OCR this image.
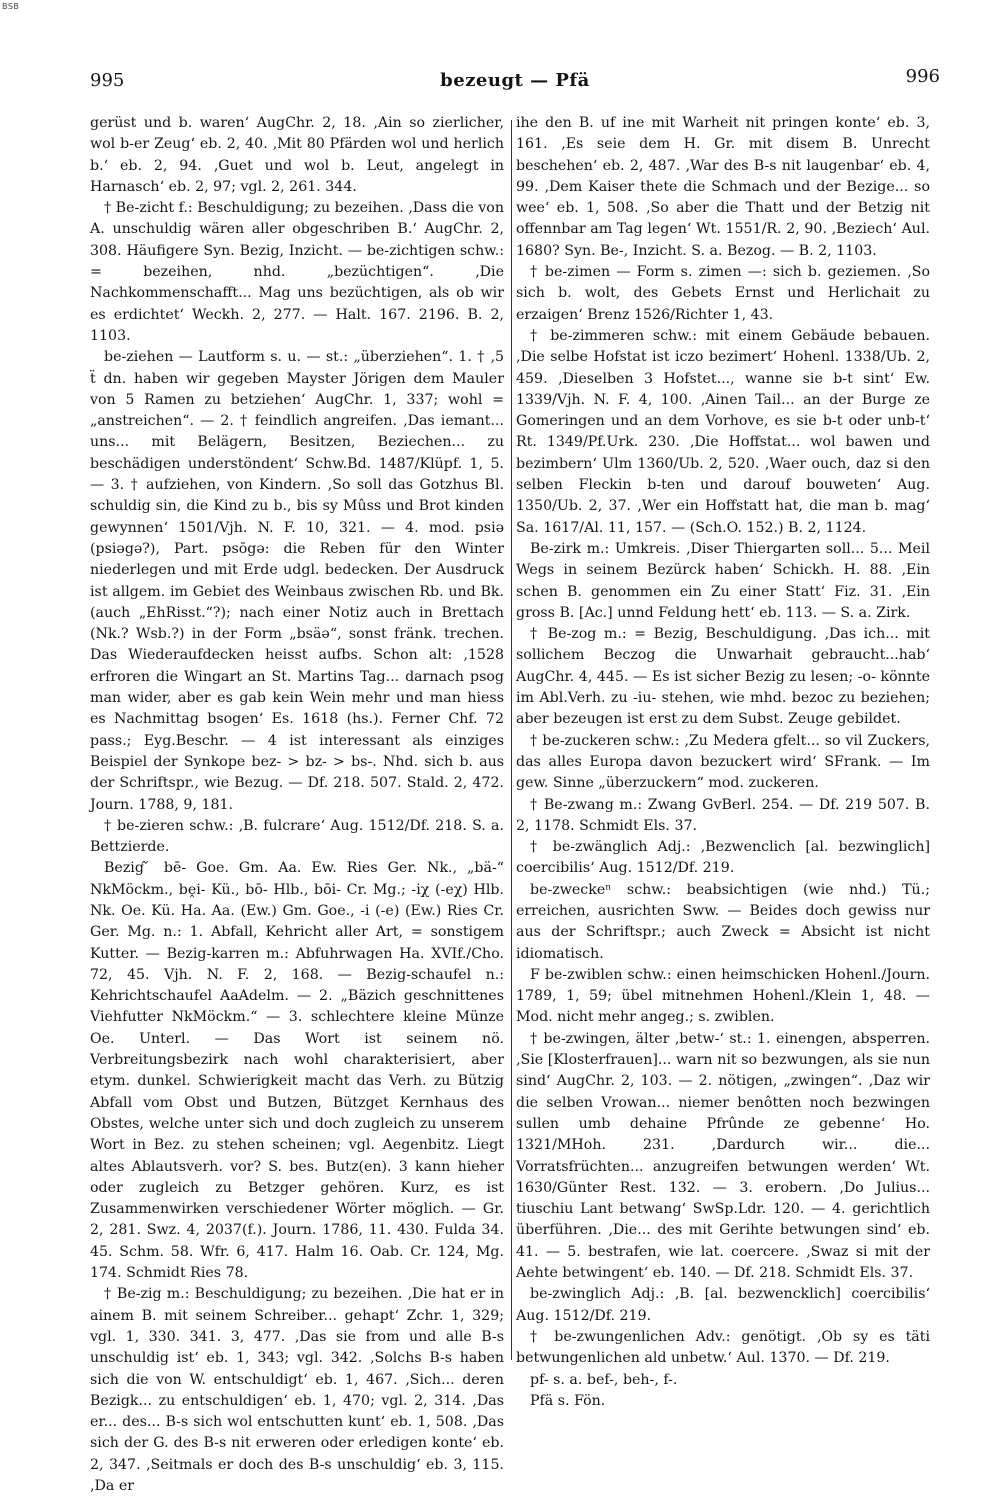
BSB
995	bezeugt — Pfä	996

gerüst und b. waren‘ AugChr. 2, 18. ‚Ain so zierlicher, wol b-er Zeug‘ eb. 2, 40. ‚Mit 80 Pfärden wol und herlich b.‘ eb. 2, 94. ‚Guet und wol b. Leut, angelegt in Harnasch‘ eb. 2, 97; vgl. 2, 261. 344.

† Be-zicht f.: Beschuldigung; zu bezeihen. ‚Dass die von A. unschuldig wären aller obgeschriben B.‘ AugChr. 2, 308. Häufigere Syn. Bezig, Inzicht. — be-zichtigen schw.: = bezeihen, nhd. „bezüchtigen“. ‚Die Nachkommenschafft... Mag uns bezüchtigen, als ob wir es erdichtet‘ Weckh. 2, 277. — Halt. 167. 2196. B. 2, 1103.

be-ziehen — Lautform s. u. — st.: „überziehen“. 1. † ‚5 ẗ dn. haben wir gegeben Mayster Jörigen dem Mauler von 5 Ramen zu betziehen‘ AugChr. 1, 337; wohl = „anstreichen“. — 2. † feindlich angreifen. ‚Das iemant... uns... mit Belägern, Besitzen, Beziechen... zu beschädigen understöndent‘ Schw.Bd. 1487/Klüpf. 1, 5. — 3. † aufziehen, von Kindern. ‚So soll das Gotzhus Bl. schuldig sin, die Kind zu b., bis sy Mûss und Brot kinden gewynnen‘ 1501/Vjh. N. F. 10, 321. — 4. mod. psiə (psiəgə?), Part. psōgə: die Reben für den Winter niederlegen und mit Erde udgl. bedecken. Der Ausdruck ist allgem. im Gebiet des Weinbaus zwischen Rb. und Bk. (auch „EhRisst.“?); nach einer Notiz auch in Brettach (Nk.? Wsb.?) in der Form „bsäə“, sonst fränk. trechen. Das Wiederaufdecken heisst aufbs. Schon alt: ‚1528 erfroren die Wingart an St. Martins Tag... darnach psog man wider, aber es gab kein Wein mehr und man hiess es Nachmittag bsogen‘ Es. 1618 (hs.). Ferner Chf. 72 pass.; Eyg.Beschr. — 4 ist interessant als einziges Beispiel der Synkope bez- > bz- > bs-. Nhd. sich b. aus der Schriftspr., wie Bezug. — Df. 218. 507. Stald. 2, 472. Journ. 1788, 9, 181.

† be-zieren schw.: ‚B. fulcrare‘ Aug. 1512/Df. 218. S. a. Bettzierde.

Bezig ᷉ bē- Goe. Gm. Aa. Ew. Ries Ger. Nk., „bä-“ NkMöckm., bḙi- Kü., bō- Hlb., bōi- Cr. Mg.; -iχ (-eχ) Hlb. Nk. Oe. Kü. Ha. Aa. (Ew.) Gm. Goe., -i (-e) (Ew.) Ries Cr. Ger. Mg. n.: 1. Abfall, Kehricht aller Art, = sonstigem Kutter. — Bezig-karren m.: Abfuhrwagen Ha. XVIf./Cho. 72, 45. Vjh. N. F. 2, 168. — Bezig-schaufel n.: Kehrichtschaufel AaAdelm. — 2. „Bäzich geschnittenes Viehfutter NkMöckm.“ — 3. schlechtere kleine Münze Oe. Unterl. — Das Wort ist seinem nö. Verbreitungsbezirk nach wohl charakterisiert, aber etym. dunkel. Schwierigkeit macht das Verh. zu Bützig Abfall vom Obst und Butzen, Bützget Kernhaus des Obstes, welche unter sich und doch zugleich zu unserem Wort in Bez. zu stehen scheinen; vgl. Aegenbitz. Liegt altes Ablautsverh. vor? S. bes. Butz(en). 3 kann hieher oder zugleich zu Betzger gehören. Kurz, es ist Zusammenwirken verschiedener Wörter möglich. — Gr. 2, 281. Swz. 4, 2037(f.). Journ. 1786, 11. 430. Fulda 34. 45. Schm. 58. Wfr. 6, 417. Halm 16. Oab. Cr. 124, Mg. 174. Schmidt Ries 78.

† Be-zig m.: Beschuldigung; zu bezeihen. ‚Die hat er in ainem B. mit seinem Schreiber... gehapt‘ Zchr. 1, 329; vgl. 1, 330. 341. 3, 477. ‚Das sie from und alle B-s unschuldig ist‘ eb. 1, 343; vgl. 342. ‚Solchs B-s haben sich die von W. entschuldigt‘ eb. 1, 467. ‚Sich... deren Bezigk... zu entschuldigen‘ eb. 1, 470; vgl. 2, 314. ‚Das er... des... B-s sich wol entschutten kunt‘ eb. 1, 508. ‚Das sich der G. des B-s nit erweren oder erledigen konte‘ eb. 2, 347. ‚Seitmals er doch des B-s unschuldig‘ eb. 3, 115. ‚Da er

ihe den B. uf ine mit Warheit nit pringen konte‘ eb. 3, 161. ‚Es seie dem H. Gr. mit disem B. Unrecht beschehen‘ eb. 2, 487. ‚War des B-s nit laugenbar‘ eb. 4, 99. ‚Dem Kaiser thete die Schmach und der Bezige... so wee‘ eb. 1, 508. ‚So aber die Thatt und der Betzig nit offennbar am Tag legen‘ Wt. 1551/R. 2, 90. ‚Beziech‘ Aul. 1680? Syn. Be-, Inzicht. S. a. Bezog. — B. 2, 1103.

† be-zimen — Form s. zimen —: sich b. geziemen. ‚So sich b. wolt, des Gebets Ernst und Herlichait zu erzaigen‘ Brenz 1526/Richter 1, 43.

† be-zimmeren schw.: mit einem Gebäude bebauen. ‚Die selbe Hofstat ist iczo bezimert‘ Hohenl. 1338/Ub. 2, 459. ‚Dieselben 3 Hofstet..., wanne sie b-t sint‘ Ew. 1339/Vjh. N. F. 4, 100. ‚Ainen Tail... an der Burge ze Gomeringen und an dem Vorhove, es sie b-t oder unb-t‘ Rt. 1349/Pf.Urk. 230. ‚Die Hoffstat... wol bawen und bezimbern‘ Ulm 1360/Ub. 2, 520. ‚Waer ouch, daz si den selben Fleckin b-ten und darouf bouweten‘ Aug. 1350/Ub. 2, 37. ‚Wer ein Hoffstatt hat, die man b. mag‘ Sa. 1617/Al. 11, 157. — (Sch.O. 152.) B. 2, 1124.

Be-zirk m.: Umkreis. ‚Diser Thiergarten soll... 5... Meil Wegs in seinem Bezürck haben‘ Schickh. H. 88. ‚Ein schen B. genommen ein Zu einer Statt‘ Fiz. 31. ‚Ein gross B. [Ac.] unnd Feldung hett‘ eb. 113. — S. a. Zirk.

† Be-zog m.: = Bezig, Beschuldigung. ‚Das ich... mit sollichem Beczog die Unwarhait gebraucht...hab‘ AugChr. 4, 445. — Es ist sicher Bezig zu lesen; -o- könnte im Abl.Verh. zu -iu- stehen, wie mhd. bezoc zu beziehen; aber bezeugen ist erst zu dem Subst. Zeuge gebildet.

† be-zuckeren schw.: ‚Zu Medera gfelt... so vil Zuckers, das alles Europa davon bezuckert wird‘ SFrank. — Im gew. Sinne „überzuckern“ mod. zuckeren.

† Be-zwang m.: Zwang GvBerl. 254. — Df. 219 507. B. 2, 1178. Schmidt Els. 37.

† be-zwänglich Adj.: ‚Bezwenclich [al. bezwinglich] coercibilis‘ Aug. 1512/Df. 219.

be-zweckeⁿ schw.: beabsichtigen (wie nhd.) Tü.; erreichen, ausrichten Sww. — Beides doch gewiss nur aus der Schriftspr.; auch Zweck = Absicht ist nicht idiomatisch.

F be-zwiblen schw.: einen heimschicken Hohenl./Journ. 1789, 1, 59; übel mitnehmen Hohenl./Klein 1, 48. — Mod. nicht mehr angeg.; s. zwiblen.

† be-zwingen, älter ‚betw-‘ st.: 1. einengen, absperren. ‚Sie [Klosterfrauen]... warn nit so bezwungen, als sie nun sind‘ AugChr. 2, 103. — 2. nötigen, „zwingen“. ‚Daz wir die selben Vrowan... niemer benôtten noch bezwingen sullen umb dehaine Pfrûnde ze gebenne‘ Ho. 1321/MHoh. 231. ‚Dardurch wir... die... Vorratsfrüchten... anzugreifen betwungen werden‘ Wt. 1630/Günter Rest. 132. — 3. erobern. ‚Do Julius... tiuschiu Lant betwang‘ SwSp.Ldr. 120. — 4. gerichtlich überführen. ‚Die... des mit Gerihte betwungen sind‘ eb. 41. — 5. bestrafen, wie lat. coercere. ‚Swaz si mit der Aehte betwingent‘ eb. 140. — Df. 218. Schmidt Els. 37.

be-zwinglich Adj.: ‚B. [al. bezwencklich] coercibilis‘ Aug. 1512/Df. 219.

† be-zwungenlichen Adv.: genötigt. ‚Ob sy es täti betwungenlichen ald unbetw.‘ Aul. 1370. — Df. 219.

pf- s. a. bef-, beh-, f-.

Pfä s. Fön.
